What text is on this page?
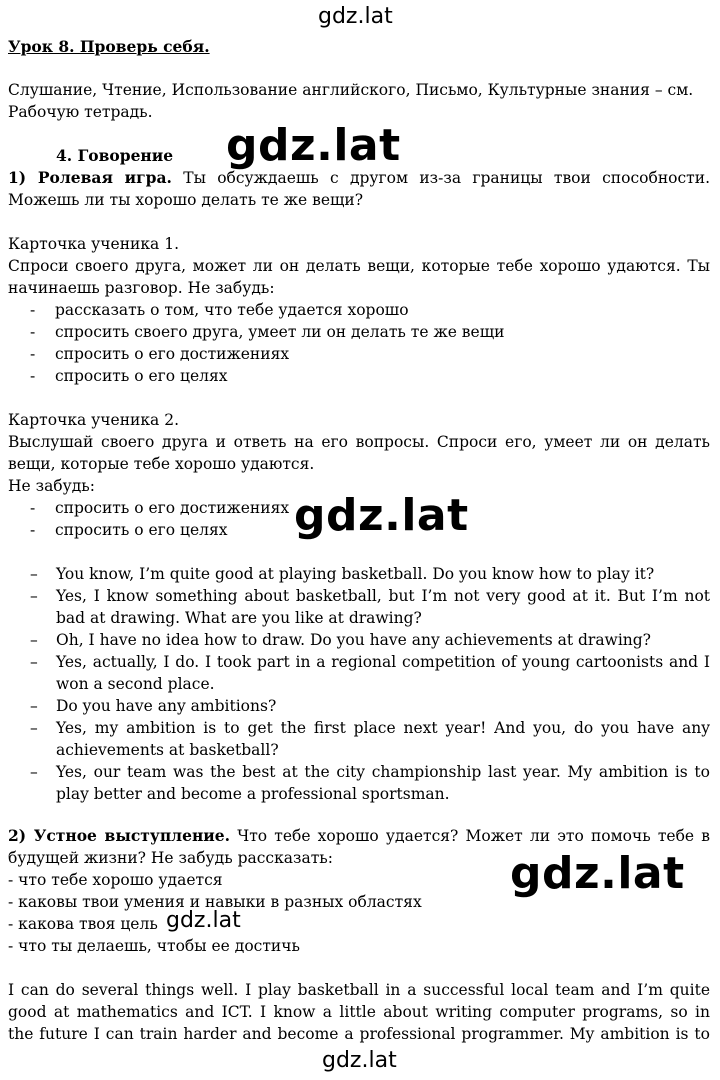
gdz.lat
gdz.lat
gdz.lat
gdz.lat
gdz.lat
gdz.lat
Урок 8. Проверь себя.
Слушание, Чтение, Использование английского, Письмо, Культурные знания – см.
Рабочую тетрадь.
4. Говорение
1) Ролевая игра. Ты обсуждаешь с другом из-за границы твои способности.
Можешь ли ты хорошо делать те же вещи?
Карточка ученика 1.
Спроси своего друга, может ли он делать вещи, которые тебе хорошо удаются. Ты
начинаешь разговор. Не забудь:
- рассказать о том, что тебе удается хорошо
- спросить своего друга, умеет ли он делать те же вещи
- спросить о его достижениях
- спросить о его целях
Карточка ученика 2.
Выслушай своего друга и ответь на его вопросы. Спроси его, умеет ли он делать
вещи, которые тебе хорошо удаются.
Не забудь:
- спросить о его достижениях
- спросить о его целях
– You know, I’m quite good at playing basketball. Do you know how to play it?
– Yes, I know something about basketball, but I’m not very good at it. But I’m not
bad at drawing. What are you like at drawing?
– Oh, I have no idea how to draw. Do you have any achievements at drawing?
– Yes, actually, I do. I took part in a regional competition of young cartoonists and I
won a second place.
– Do you have any ambitions?
– Yes, my ambition is to get the first place next year! And you, do you have any
achievements at basketball?
– Yes, our team was the best at the city championship last year. My ambition is to
play better and become a professional sportsman.
2) Устное выступление. Что тебе хорошо удается? Может ли это помочь тебе в
будущей жизни? Не забудь рассказать:
- что тебе хорошо удается
- каковы твои умения и навыки в разных областях
- какова твоя цель
- что ты делаешь, чтобы ее достичь
I can do several things well. I play basketball in a successful local team and I’m quite
good at mathematics and ICT. I know a little about writing computer programs, so in
the future I can train harder and become a professional programmer. My ambition is to
